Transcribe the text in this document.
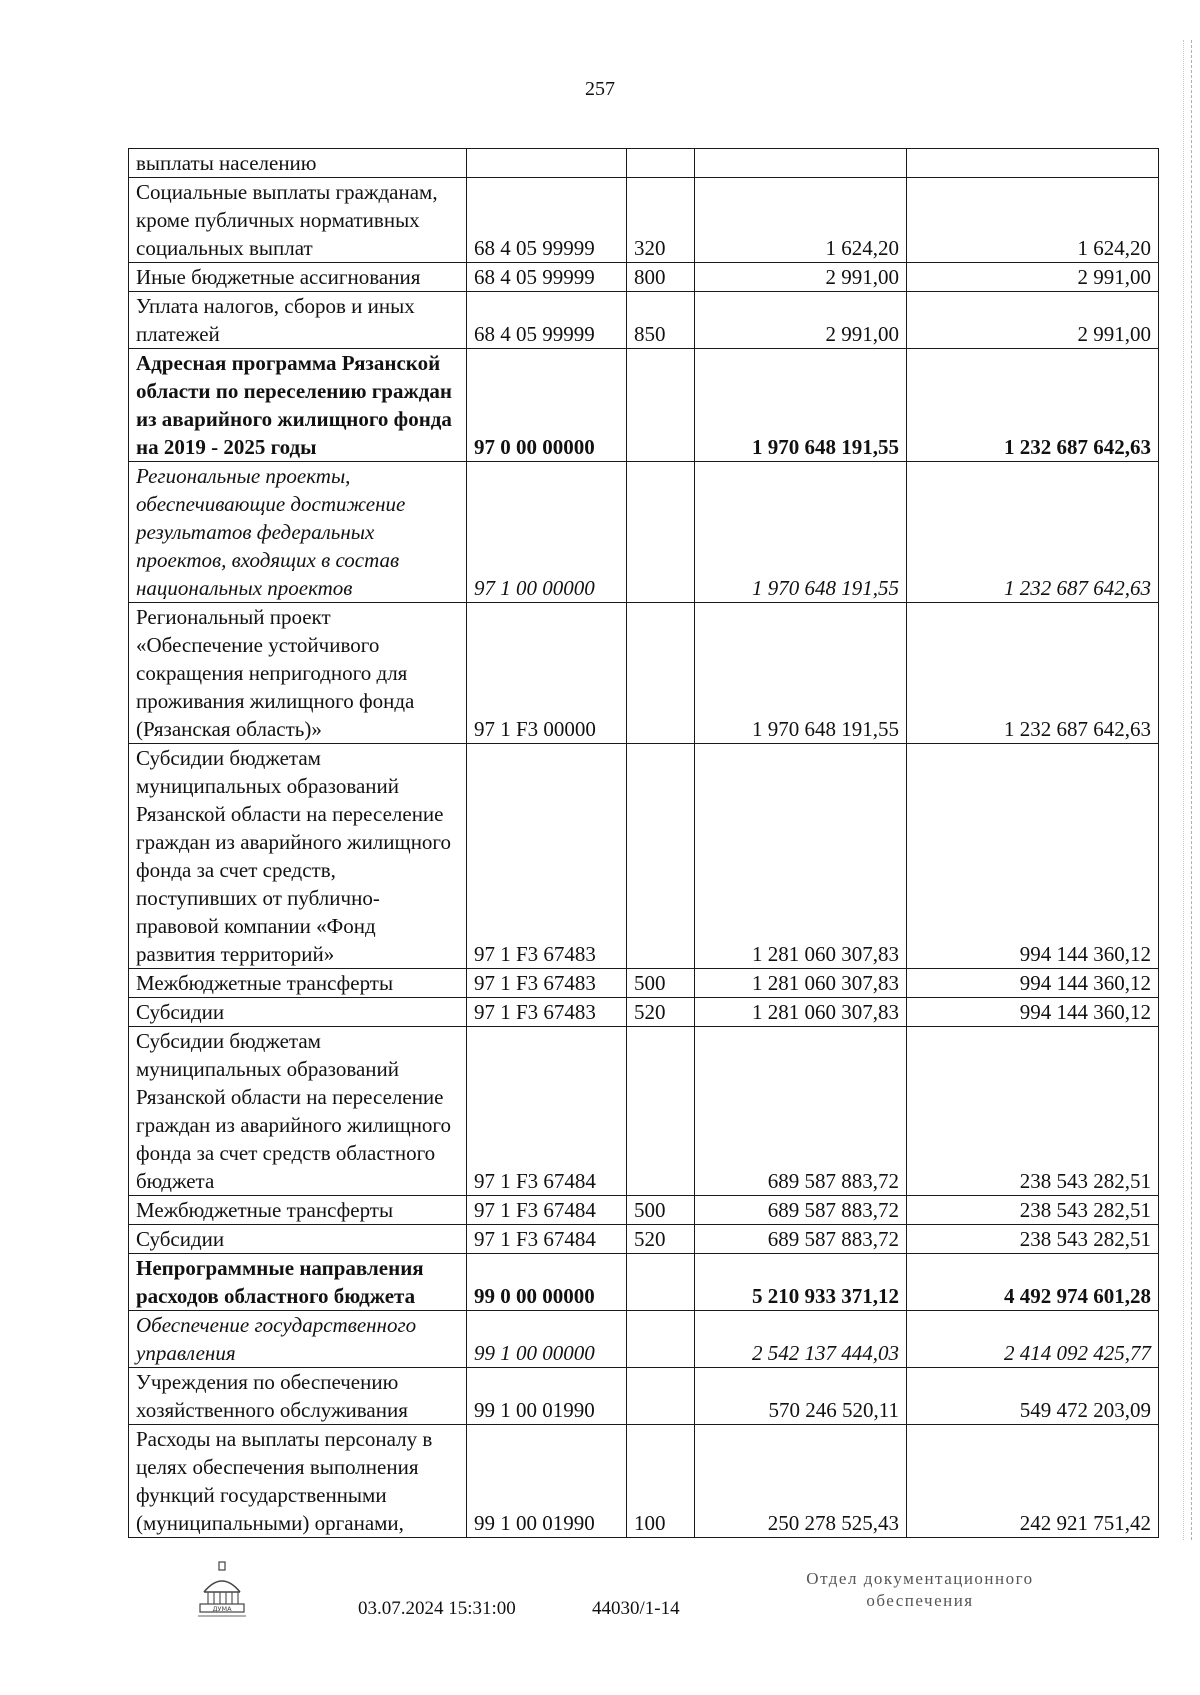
257
выплаты населению				
Социальные выплаты гражданам, кроме публичных нормативных социальных выплат	68 4 05 99999	320	1 624,20	1 624,20
Иные бюджетные ассигнования	68 4 05 99999	800	2 991,00	2 991,00
Уплата налогов, сборов и иных платежей	68 4 05 99999	850	2 991,00	2 991,00
Адресная программа Рязанской области по переселению граждан из аварийного жилищного фонда на 2019 - 2025 годы	97 0 00 00000		1 970 648 191,55	1 232 687 642,63
Региональные проекты, обеспечивающие достижение результатов федеральных проектов, входящих в состав национальных проектов	97 1 00 00000		1 970 648 191,55	1 232 687 642,63
Региональный проект «Обеспечение устойчивого сокращения непригодного для проживания жилищного фонда (Рязанская область)»	97 1 F3 00000		1 970 648 191,55	1 232 687 642,63
Субсидии бюджетам муниципальных образований Рязанской области на переселение граждан из аварийного жилищного фонда за счет средств, поступивших от публично-правовой компании «Фонд развития территорий»	97 1 F3 67483		1 281 060 307,83	994 144 360,12
Межбюджетные трансферты	97 1 F3 67483	500	1 281 060 307,83	994 144 360,12
Субсидии	97 1 F3 67483	520	1 281 060 307,83	994 144 360,12
Субсидии бюджетам муниципальных образований Рязанской области на переселение граждан из аварийного жилищного фонда за счет средств областного бюджета	97 1 F3 67484		689 587 883,72	238 543 282,51
Межбюджетные трансферты	97 1 F3 67484	500	689 587 883,72	238 543 282,51
Субсидии	97 1 F3 67484	520	689 587 883,72	238 543 282,51
Непрограммные направления расходов областного бюджета	99 0 00 00000		5 210 933 371,12	4 492 974 601,28
Обеспечение государственного управления	99 1 00 00000		2 542 137 444,03	2 414 092 425,77
Учреждения по обеспечению хозяйственного обслуживания	99 1 00 01990		570 246 520,11	549 472 203,09
Расходы на выплаты персоналу в целях обеспечения выполнения функций государственными (муниципальными) органами,	99 1 00 01990	100	250 278 525,43	242 921 751,42
ДУМА	03.07.2024 15:31:00	44030/1-14
Отдел документационного
обеспечения
